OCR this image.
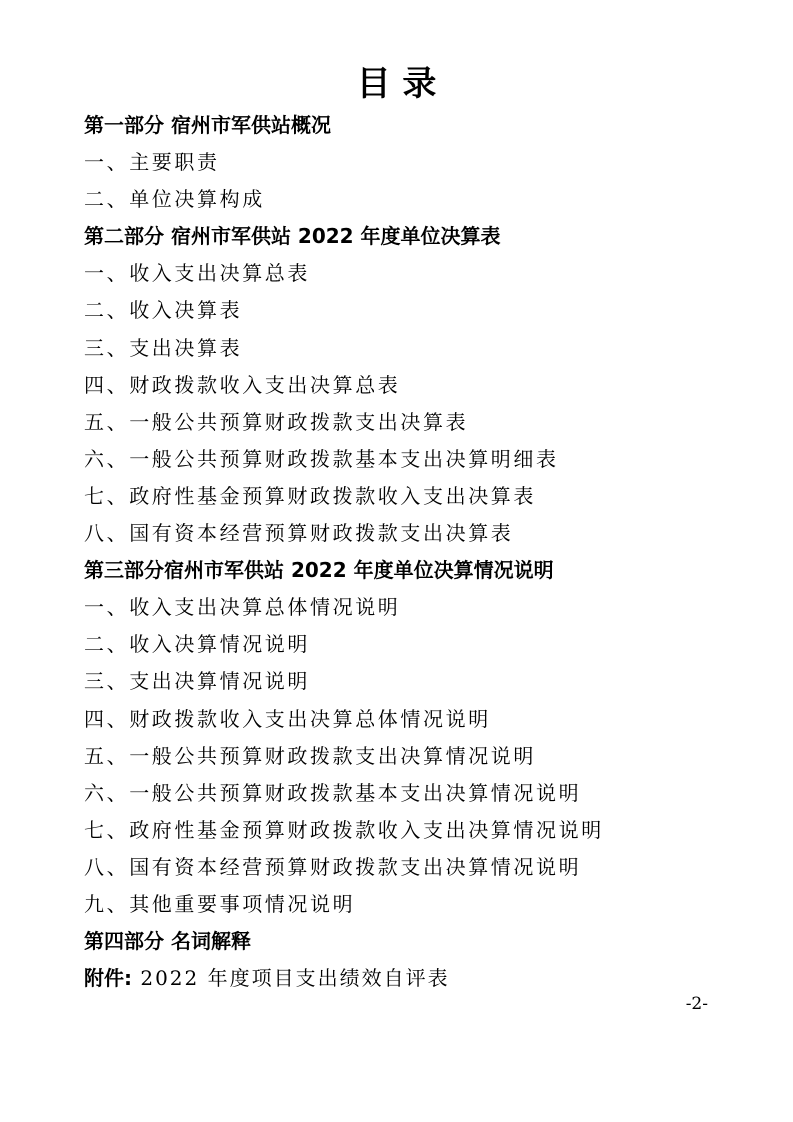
目 录
第一部分 宿州市军供站概况
一、主要职责
二、单位决算构成
第二部分 宿州市军供站 2022 年度单位决算表
一、收入支出决算总表
二、收入决算表
三、支出决算表
四、财政拨款收入支出决算总表
五、一般公共预算财政拨款支出决算表
六、一般公共预算财政拨款基本支出决算明细表
七、政府性基金预算财政拨款收入支出决算表
八、国有资本经营预算财政拨款支出决算表
第三部分宿州市军供站 2022 年度单位决算情况说明
一、收入支出决算总体情况说明
二、收入决算情况说明
三、支出决算情况说明
四、财政拨款收入支出决算总体情况说明
五、一般公共预算财政拨款支出决算情况说明
六、一般公共预算财政拨款基本支出决算情况说明
七、政府性基金预算财政拨款收入支出决算情况说明
八、国有资本经营预算财政拨款支出决算情况说明
九、其他重要事项情况说明
第四部分 名词解释
附件: 2022 年度项目支出绩效自评表
-2-
